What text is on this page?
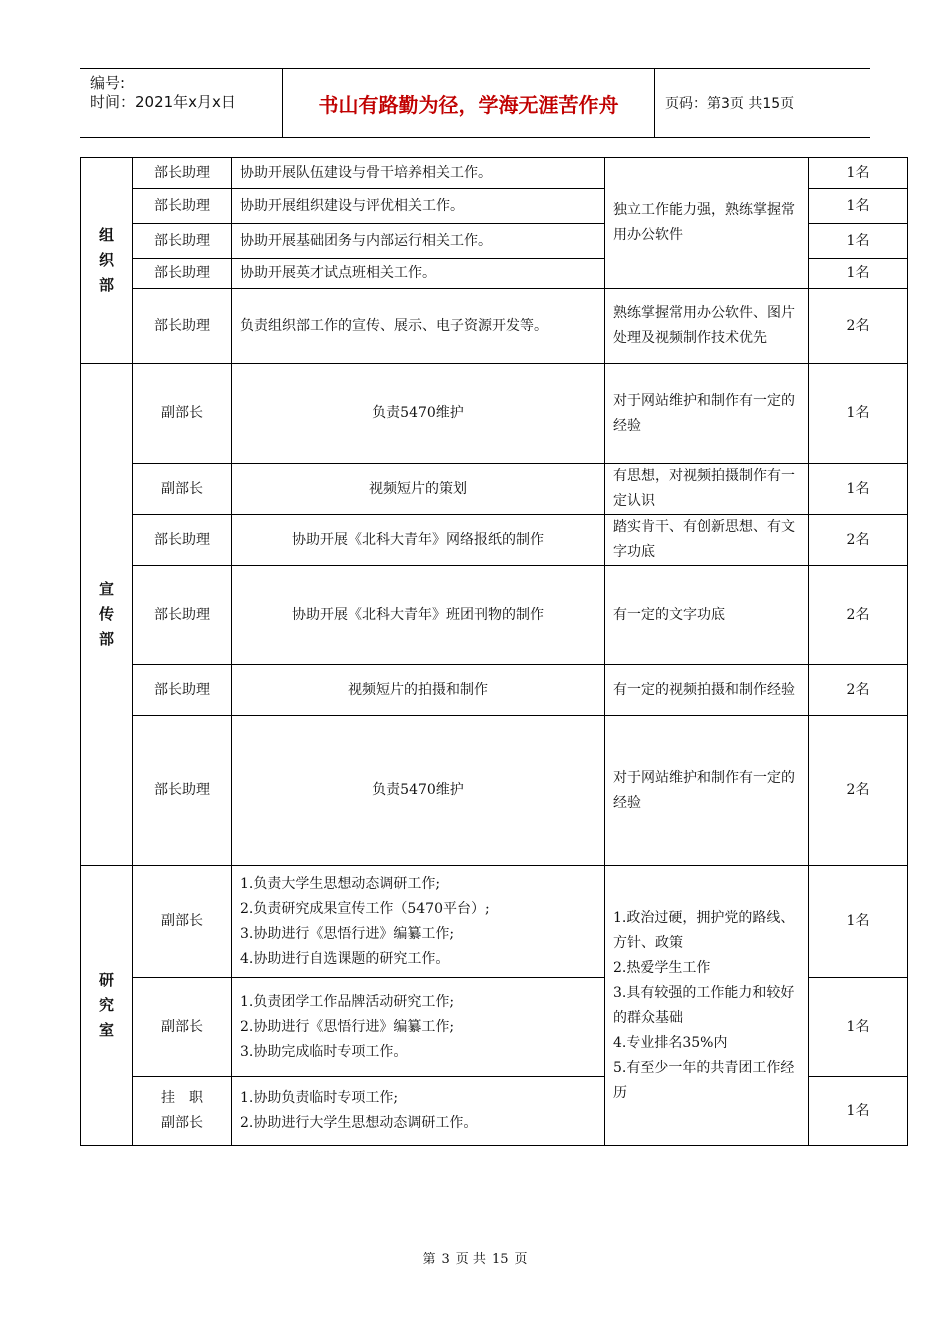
编号:
时间：2021年x月x日	书山有路勤为径，学海无涯苦作舟	页码：第3页 共15页
组
织
部	部长助理	协助开展队伍建设与骨干培养相关工作。	独立工作能力强，熟练掌握常用办公软件	1名
	部长助理	协助开展组织建设与评优相关工作。		1名
	部长助理	协助开展基础团务与内部运行相关工作。		1名
	部长助理	协助开展英才试点班相关工作。		1名
	部长助理	负责组织部工作的宣传、展示、电子资源开发等。	熟练掌握常用办公软件、图片处理及视频制作技术优先	2名

宣
传
部	副部长	负责5470维护	对于网站维护和制作有一定的经验	1名
	副部长	视频短片的策划	有思想，对视频拍摄制作有一定认识	1名
	部长助理	协助开展《北科大青年》网络报纸的制作	踏实肯干、有创新思想、有文字功底	2名
	部长助理	协助开展《北科大青年》班团刊物的制作	有一定的文字功底	2名
	部长助理	视频短片的拍摄和制作	有一定的视频拍摄和制作经验	2名
	部长助理	负责5470维护	对于网站维护和制作有一定的经验	2名

研
究
室	副部长	1.负责大学生思想动态调研工作;
2.负责研究成果宣传工作（5470平台）;
3.协助进行《思悟行进》编纂工作;
4.协助进行自选课题的研究工作。	1.政治过硬，拥护党的路线、方针、政策
2.热爱学生工作
3.具有较强的工作能力和较好的群众基础
4.专业排名35%内
5.有至少一年的共青团工作经历	1名
	副部长	1.负责团学工作品牌活动研究工作;
2.协助进行《思悟行进》编纂工作;
3.协助完成临时专项工作。		1名

	挂　职
副部长	1.协助负责临时专项工作;
2.协助进行大学生思想动态调研工作。		1名
第 3 页 共 15 页
